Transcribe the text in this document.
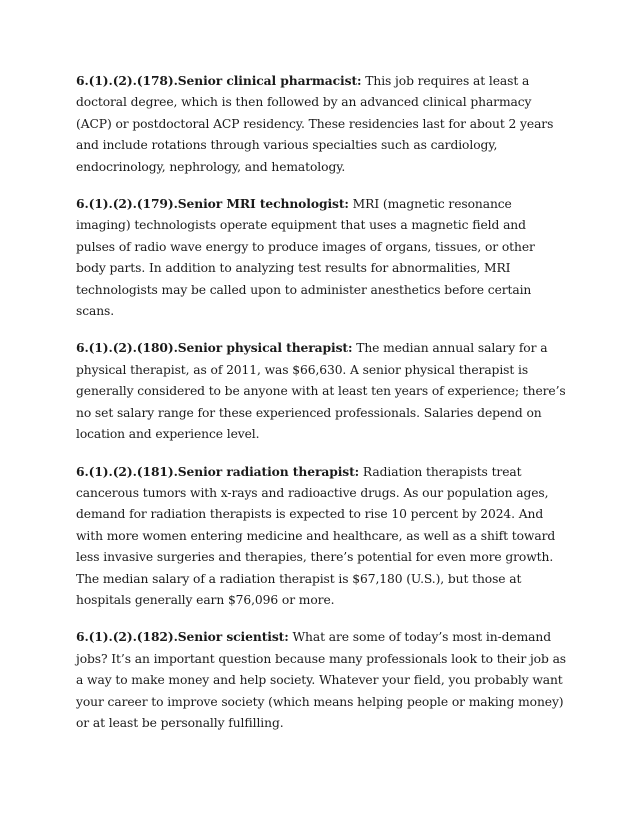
6.(1).(2).(178).Senior clinical pharmacist: This job requires at least a doctoral degree, which is then followed by an advanced clinical pharmacy (ACP) or postdoctoral ACP residency. These residencies last for about 2 years and include rotations through various specialties such as cardiology, endocrinology, nephrology, and hematology.

6.(1).(2).(179).Senior MRI technologist: MRI (magnetic resonance imaging) technologists operate equipment that uses a magnetic field and pulses of radio wave energy to produce images of organs, tissues, or other body parts. In addition to analyzing test results for abnormalities, MRI technologists may be called upon to administer anesthetics before certain scans.

6.(1).(2).(180).Senior physical therapist: The median annual salary for a physical therapist, as of 2011, was $66,630. A senior physical therapist is generally considered to be anyone with at least ten years of experience; there’s no set salary range for these experienced professionals. Salaries depend on location and experience level.

6.(1).(2).(181).Senior radiation therapist: Radiation therapists treat cancerous tumors with x-rays and radioactive drugs. As our population ages, demand for radiation therapists is expected to rise 10 percent by 2024. And with more women entering medicine and healthcare, as well as a shift toward less invasive surgeries and therapies, there’s potential for even more growth. The median salary of a radiation therapist is $67,180 (U.S.), but those at hospitals generally earn $76,096 or more.

6.(1).(2).(182).Senior scientist: What are some of today’s most in-demand jobs? It’s an important question because many professionals look to their job as a way to make money and help society. Whatever your field, you probably want your career to improve society (which means helping people or making money) or at least be personally fulfilling.
